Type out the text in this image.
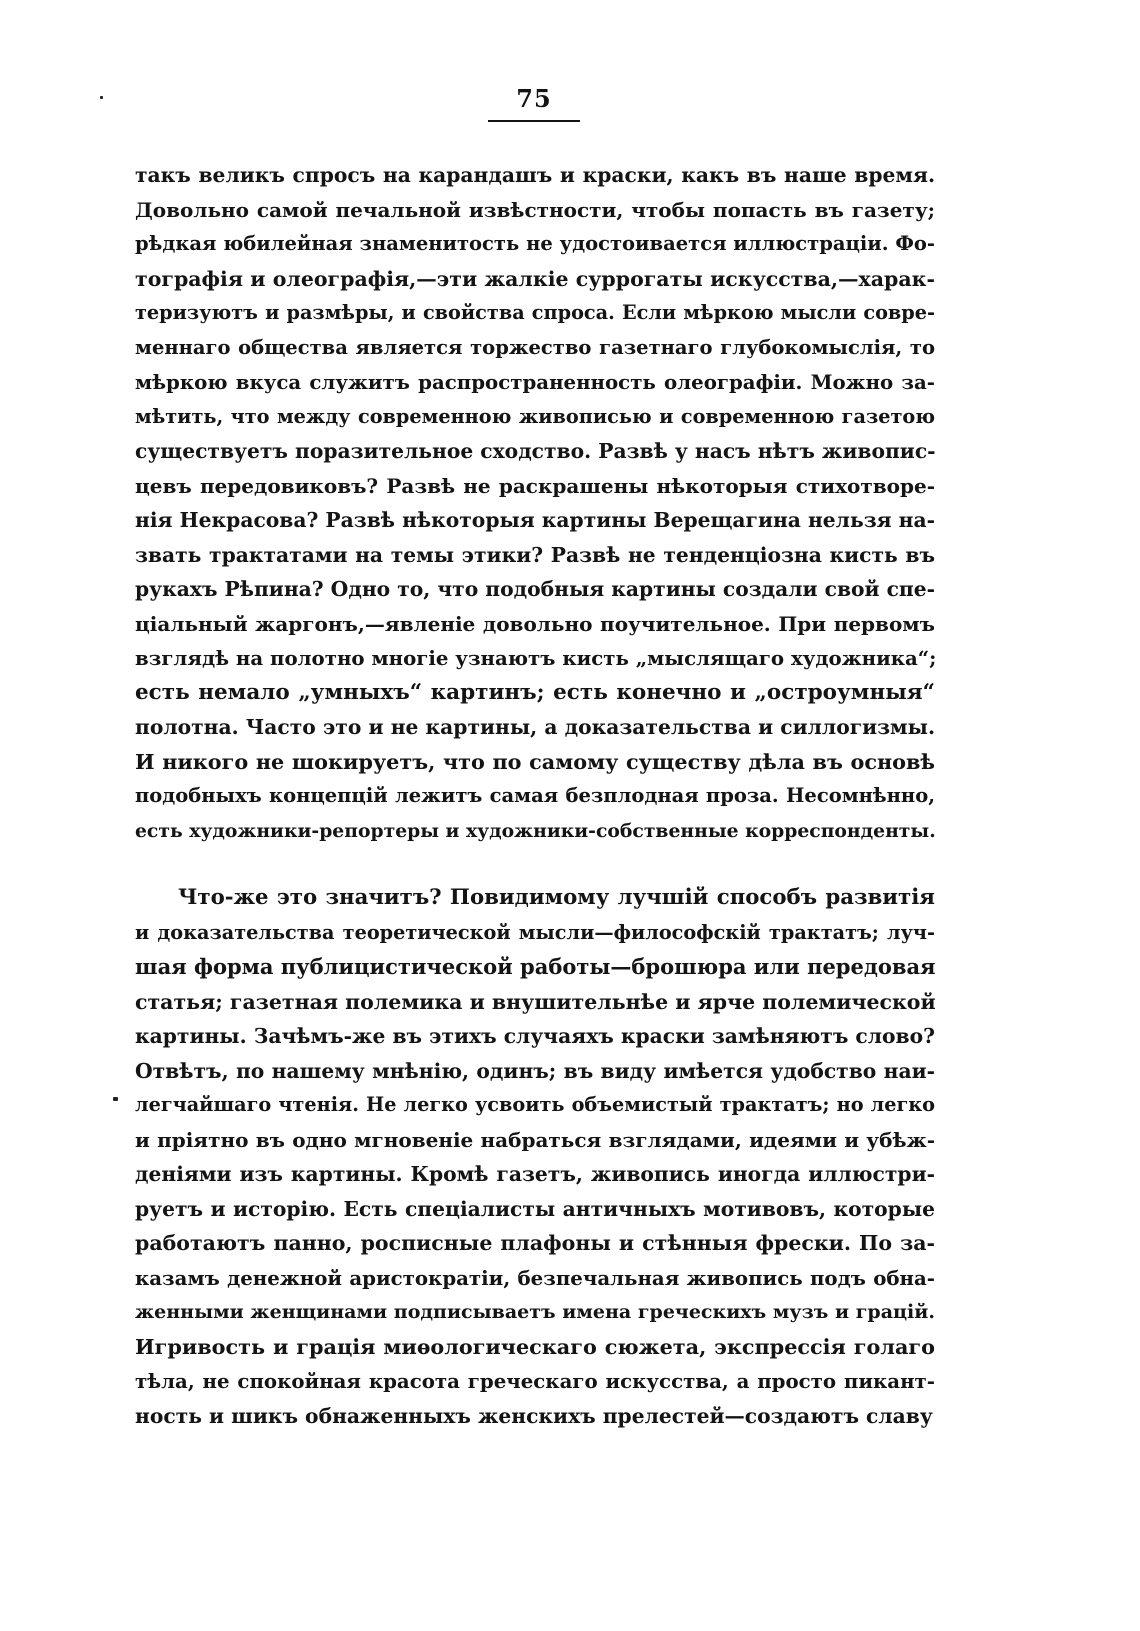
75
такъ великъ спросъ на карандашъ и краски, какъ въ наше время.
Довольно самой печальной извѣстности, чтобы попасть въ газету;
рѣдкая юбилейная знаменитость не удостоивается иллюстраціи. Фо-
тографія и олеографія,—эти жалкіе суррогаты искусства,—харак-
теризуютъ и размѣры, и свойства спроса. Если мѣркою мысли совре-
меннаго общества является торжество газетнаго глубокомыслія, то
мѣркою вкуса служитъ распространенность олеографіи. Можно за-
мѣтить, что между современною живописью и современною газетою
существуетъ поразительное сходство. Развѣ у насъ нѣтъ живопис-
цевъ передовиковъ? Развѣ не раскрашены нѣкоторыя стихотворе-
нія Некрасова? Развѣ нѣкоторыя картины Верещагина нельзя на-
звать трактатами на темы этики? Развѣ не тенденціозна кисть въ
рукахъ Рѣпина? Одно то, что подобныя картины создали свой спе-
ціальный жаргонъ,—явленіе довольно поучительное. При первомъ
взглядѣ на полотно многіе узнаютъ кисть „мыслящаго художника“;
есть немало „умныхъ“ картинъ; есть конечно и „остроумныя“
полотна. Часто это и не картины, а доказательства и силлогизмы.
И никого не шокируетъ, что по самому существу дѣла въ основѣ
подобныхъ концепцій лежитъ самая безплодная проза. Несомнѣнно,
есть художники-репортеры и художники-собственные корреспонденты.
Что-же это значитъ? Повидимому лучшій способъ развитія
и доказательства теоретической мысли—философскій трактатъ; луч-
шая форма публицистической работы—брошюра или передовая
статья; газетная полемика и внушительнѣе и ярче полемической
картины. Зачѣмъ-же въ этихъ случаяхъ краски замѣняютъ слово?
Отвѣтъ, по нашему мнѣнію, одинъ; въ виду имѣется удобство наи-
легчайшаго чтенія. Не легко усвоить объемистый трактатъ; но легко
и пріятно въ одно мгновеніе набраться взглядами, идеями и убѣж-
деніями изъ картины. Кромѣ газетъ, живопись иногда иллюстри-
руетъ и исторію. Есть спеціалисты античныхъ мотивовъ, которые
работаютъ панно, росписные плафоны и стѣнныя фрески. По за-
казамъ денежной аристократіи, безпечальная живопись подъ обна-
женными женщинами подписываетъ имена греческихъ музъ и грацій.
Игривость и грація миѳологическаго сюжета, экспрессія голаго
тѣла, не спокойная красота греческаго искусства, а просто пикант-
ность и шикъ обнаженныхъ женскихъ прелестей—создаютъ славу
